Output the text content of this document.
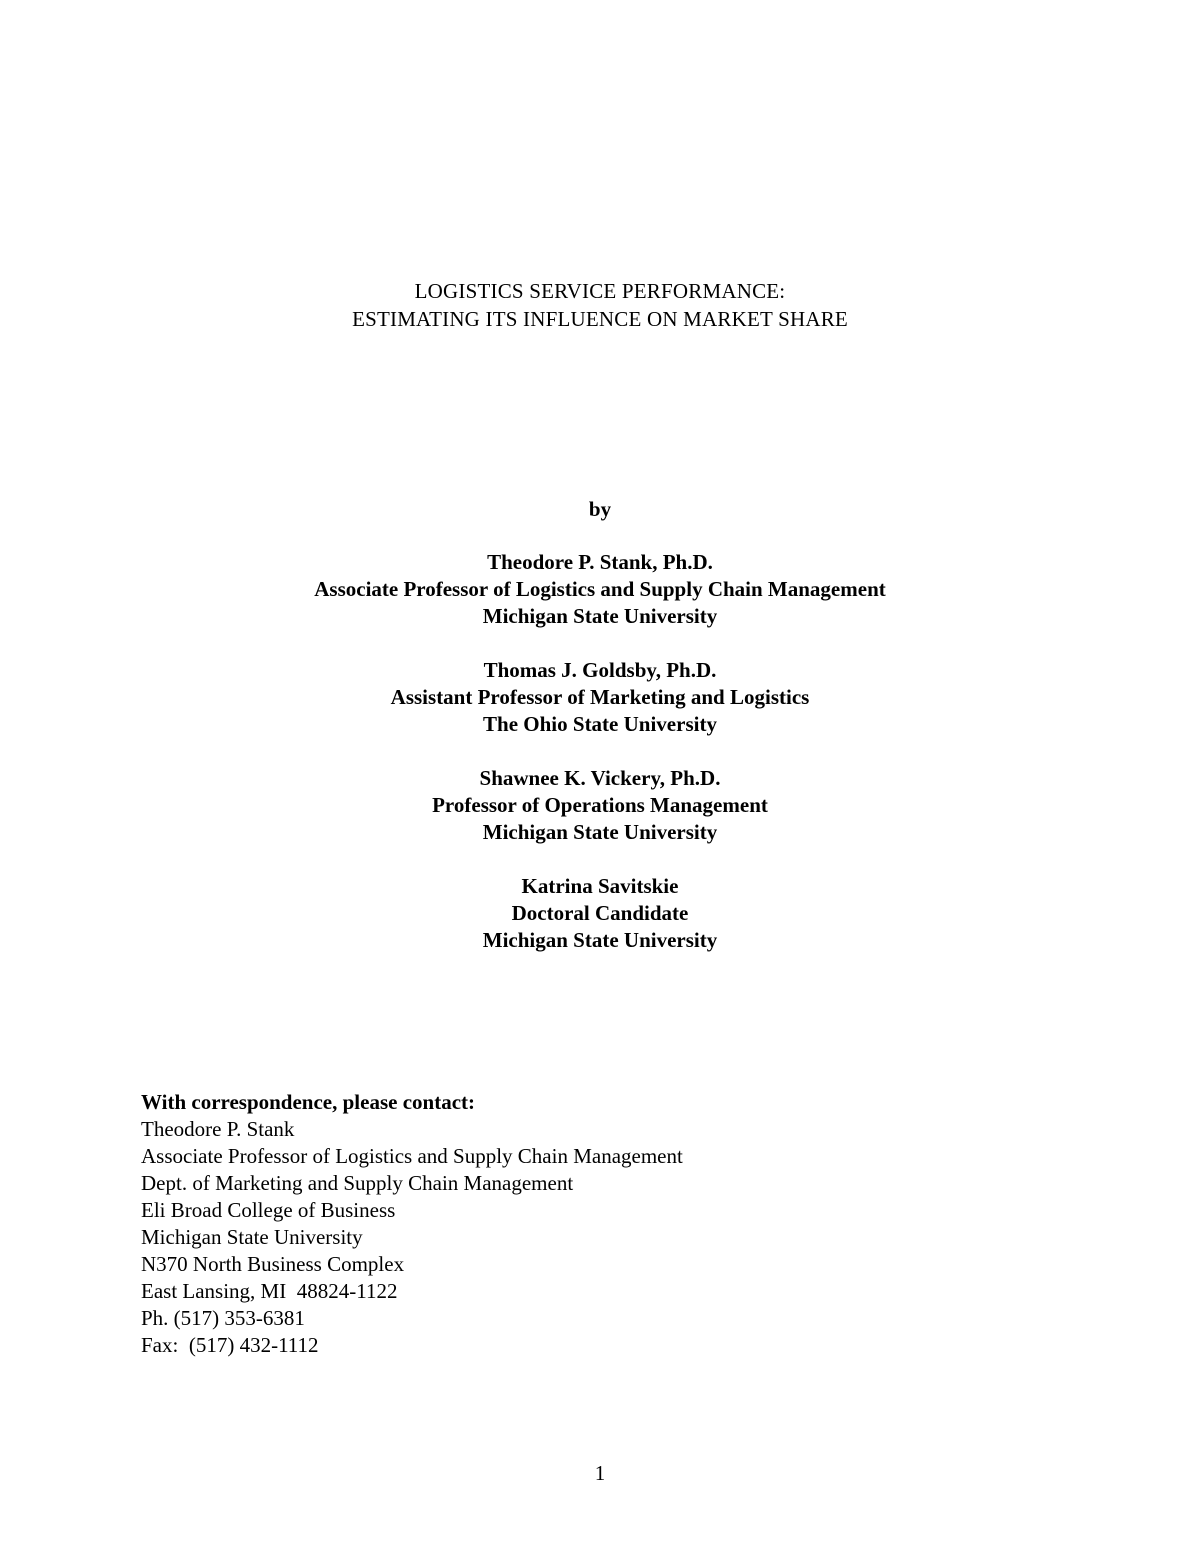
LOGISTICS SERVICE PERFORMANCE:
ESTIMATING ITS INFLUENCE ON MARKET SHARE
by
Theodore P. Stank, Ph.D.
Associate Professor of Logistics and Supply Chain Management
Michigan State University
Thomas J. Goldsby, Ph.D.
Assistant Professor of Marketing and Logistics
The Ohio State University
Shawnee K. Vickery, Ph.D.
Professor of Operations Management
Michigan State University
Katrina Savitskie
Doctoral Candidate
Michigan State University
With correspondence, please contact:
Theodore P. Stank
Associate Professor of Logistics and Supply Chain Management
Dept. of Marketing and Supply Chain Management
Eli Broad College of Business
Michigan State University
N370 North Business Complex
East Lansing, MI  48824-1122
Ph. (517) 353-6381
Fax:  (517) 432-1112
1
